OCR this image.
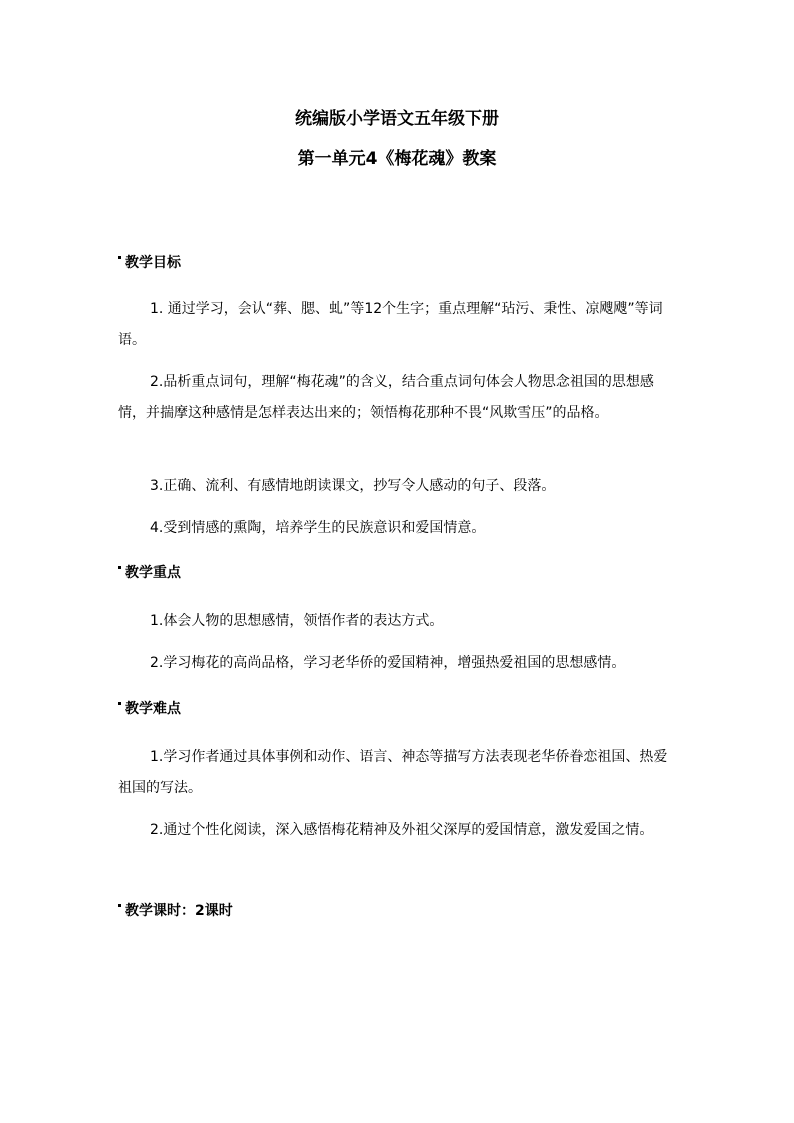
统编版小学语文五年级下册
第一单元4《梅花魂》教案
教学目标

1. 通过学习，会认“葬、腮、虬”等12个生字；重点理解“玷污、秉性、凉飕飕”等词语。

2.品析重点词句，理解“梅花魂”的含义，结合重点词句体会人物思念祖国的思想感情，并揣摩这种感情是怎样表达出来的；领悟梅花那种不畏“风欺雪压”的品格。

3.正确、流利、有感情地朗读课文，抄写令人感动的句子、段落。

4.受到情感的熏陶，培养学生的民族意识和爱国情意。

教学重点

1.体会人物的思想感情，领悟作者的表达方式。

2.学习梅花的高尚品格，学习老华侨的爱国精神，增强热爱祖国的思想感情。

教学难点

1.学习作者通过具体事例和动作、语言、神态等描写方法表现老华侨眷恋祖国、热爱祖国的写法。

2.通过个性化阅读，深入感悟梅花精神及外祖父深厚的爱国情意，激发爱国之情。

教学课时：2课时
